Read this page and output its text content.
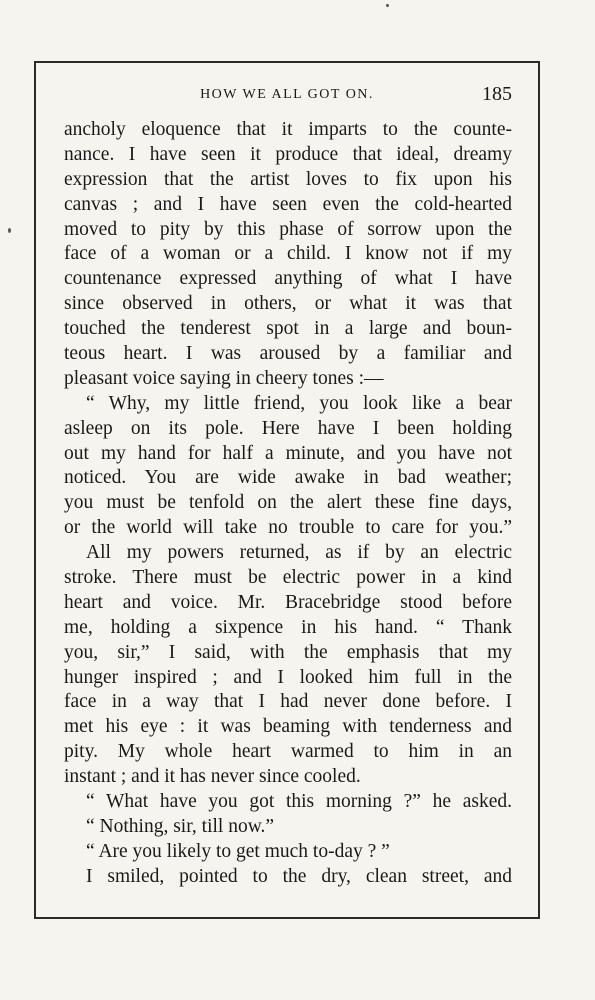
HOW WE ALL GOT ON.	185
ancholy eloquence that it imparts to the counte-
nance. I have seen it produce that ideal, dreamy
expression that the artist loves to fix upon his
canvas ; and I have seen even the cold-hearted
moved to pity by this phase of sorrow upon the
face of a woman or a child. I know not if my
countenance expressed anything of what I have
since observed in others, or what it was that
touched the tenderest spot in a large and boun-
teous heart. I was aroused by a familiar and
pleasant voice saying in cheery tones :—
“ Why, my little friend, you look like a bear
asleep on its pole. Here have I been holding
out my hand for half a minute, and you have not
noticed. You are wide awake in bad weather;
you must be tenfold on the alert these fine days,
or the world will take no trouble to care for you.”
All my powers returned, as if by an electric
stroke. There must be electric power in a kind
heart and voice. Mr. Bracebridge stood before
me, holding a sixpence in his hand. “ Thank
you, sir,” I said, with the emphasis that my
hunger inspired ; and I looked him full in the
face in a way that I had never done before. I
met his eye : it was beaming with tenderness and
pity. My whole heart warmed to him in an
instant ; and it has never since cooled.
“ What have you got this morning ?” he asked.
“ Nothing, sir, till now.”
“ Are you likely to get much to-day ? ”
I smiled, pointed to the dry, clean street, and
